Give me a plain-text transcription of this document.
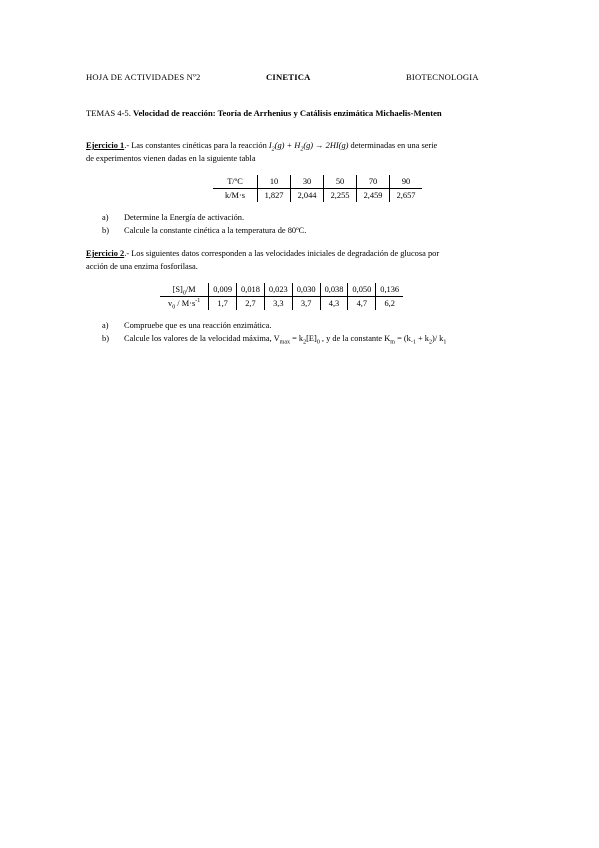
HOJA DE ACTIVIDADES Nº2	CINETICA	BIOTECNOLOGIA
TEMAS 4-5. Velocidad de reacción: Teoría de Arrhenius y Catálisis enzimática Michaelis-Menten
Ejercicio 1.- Las constantes cinéticas para la reacción $I_2(g) + H_2(g) \to 2HI(g)$ determinadas en una serie
de experimentos vienen dadas en la siguiente tabla
T/ºC	10	30	50	70	90
k/M·s	1,827	2,044	2,255	2,459	2,657
a) Determine la Energía de activación.
b) Calcule la constante cinética a la temperatura de 80ºC.
Ejercicio 2.- Los siguientes datos corresponden a las velocidades iniciales de degradación de glucosa por
acción de una enzima fosforilasa.
$[S]_0/M$	0,009	0,018	0,023	0,030	0,038	0,050	0,136
$v_0 / M\cdot s^{-1}$	1,7	2,7	3,3	3,7	4,3	4,7	6,2
a) Compruebe que es una reacción enzimática.
b) Calcule los valores de la velocidad máxima, $V_{max} = k_2[E]_0$ , y de la constante $K_m = (k_{-1} + k_2)/$ $k_1$
